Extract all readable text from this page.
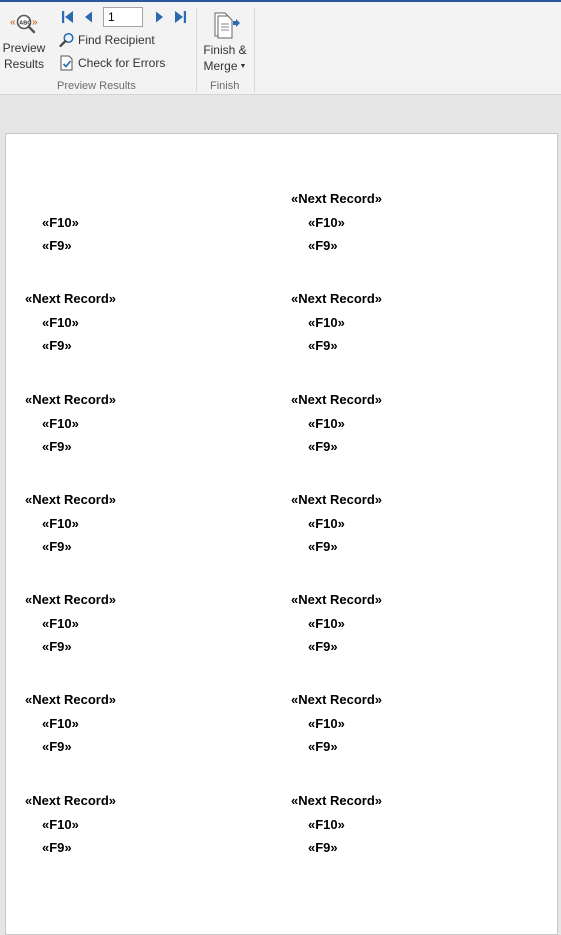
« »
ABC
Preview
Results
1
Find Recipient
Check for Errors
Preview Results
Finish &
Merge ▼
Finish
«F10»
«F9»
«Next Record»
«F10»
«F9»
«Next Record»
«F10»
«F9»
«Next Record»
«F10»
«F9»
«Next Record»
«F10»
«F9»
«Next Record»
«F10»
«F9»
«Next Record»
«F10»
«F9»
«Next Record»
«F10»
«F9»
«Next Record»
«F10»
«F9»
«Next Record»
«F10»
«F9»
«Next Record»
«F10»
«F9»
«Next Record»
«F10»
«F9»
«Next Record»
«F10»
«F9»
«Next Record»
«F10»
«F9»
